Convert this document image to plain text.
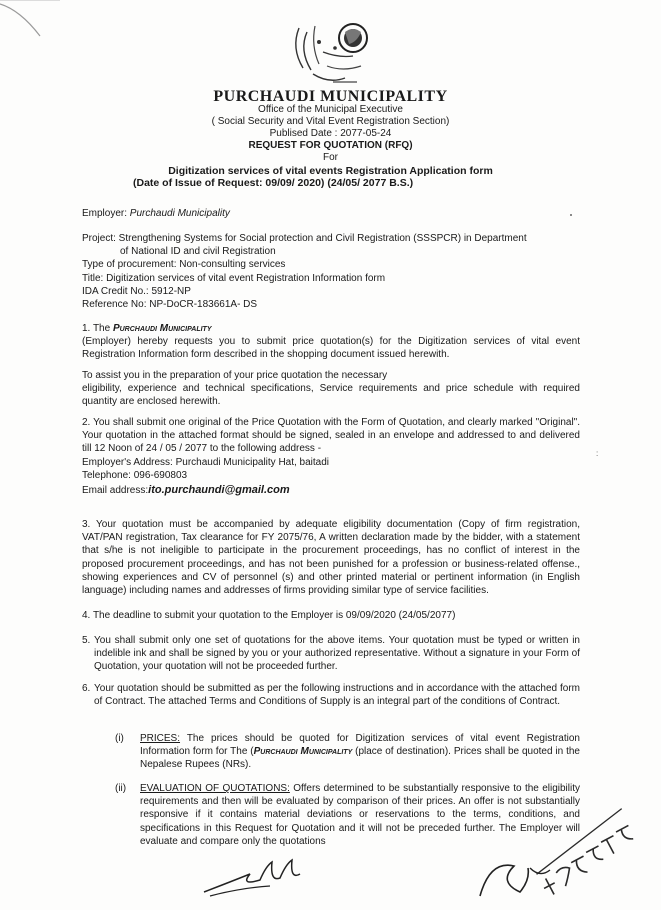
PURCHAUDI MUNICIPALITY
Office of the Municipal Executive
( Social Security and Vital Event Registration Section)
Publised Date : 2077-05-24
REQUEST FOR QUOTATION (RFQ)
For
Digitization services of vital events Registration Application form
(Date of Issue of Request: 09/09/ 2020) (24/05/ 2077 B.S.)
Employer: Purchaudi Municipality
Project: Strengthening Systems for Social protection and Civil Registration (SSSPCR) in Department
of National ID and civil Registration
Type of procurement: Non-consulting services
Title: Digitization services of vital event Registration Information form
IDA Credit No.: 5912-NP
Reference No: NP-DoCR-183661A- DS
1. The Purchaudi Municipality
(Employer) hereby requests you to submit price quotation(s) for the Digitization services of vital event Registration Information form described in the shopping document issued herewith.
To assist you in the preparation of your price quotation the necessary
eligibility, experience and technical specifications, Service requirements and price schedule with required quantity are enclosed herewith.
2. You shall submit one original of the Price Quotation with the Form of Quotation, and clearly marked "Original". Your quotation in the attached format should be signed, sealed in an envelope and addressed to and delivered till 12 Noon of 24 / 05 / 2077 to the following address -
Employer's Address: Purchaudi Municipality Hat, baitadi
Telephone: 096-690803
Email address:ito.purchaundi@gmail.com
:
3. Your quotation must be accompanied by adequate eligibility documentation (Copy of firm registration, VAT/PAN registration, Tax clearance for FY 2075/76, A written declaration made by the bidder, with a statement that s/he is not ineligible to participate in the procurement proceedings, has no conflict of interest in the proposed procurement proceedings, and has not been punished for a profession or business-related offense., showing experiences and CV of personnel (s) and other printed material or pertinent information (in English language) including names and addresses of firms providing similar type of service facilities.
4. The deadline to submit your quotation to the Employer is 09/09/2020 (24/05/2077)
5. You shall submit only one set of quotations for the above items. Your quotation must be typed or written in indelible ink and shall be signed by you or your authorized representative. Without a signature in your Form of Quotation, your quotation will not be proceeded further.
6. Your quotation should be submitted as per the following instructions and in accordance with the attached form of Contract. The attached Terms and Conditions of Supply is an integral part of the conditions of Contract.
(i)	PRICES: The prices should be quoted for Digitization services of vital event Registration Information form for The (Purchaudi Municipality (place of destination). Prices shall be quoted in the Nepalese Rupees (NRs).
(ii)	EVALUATION OF QUOTATIONS: Offers determined to be substantially responsive to the eligibility requirements and then will be evaluated by comparison of their prices. An offer is not substantially responsive if it contains material deviations or reservations to the terms, conditions, and specifications in this Request for Quotation and it will not be preceded further. The Employer will evaluate and compare only the quotations
